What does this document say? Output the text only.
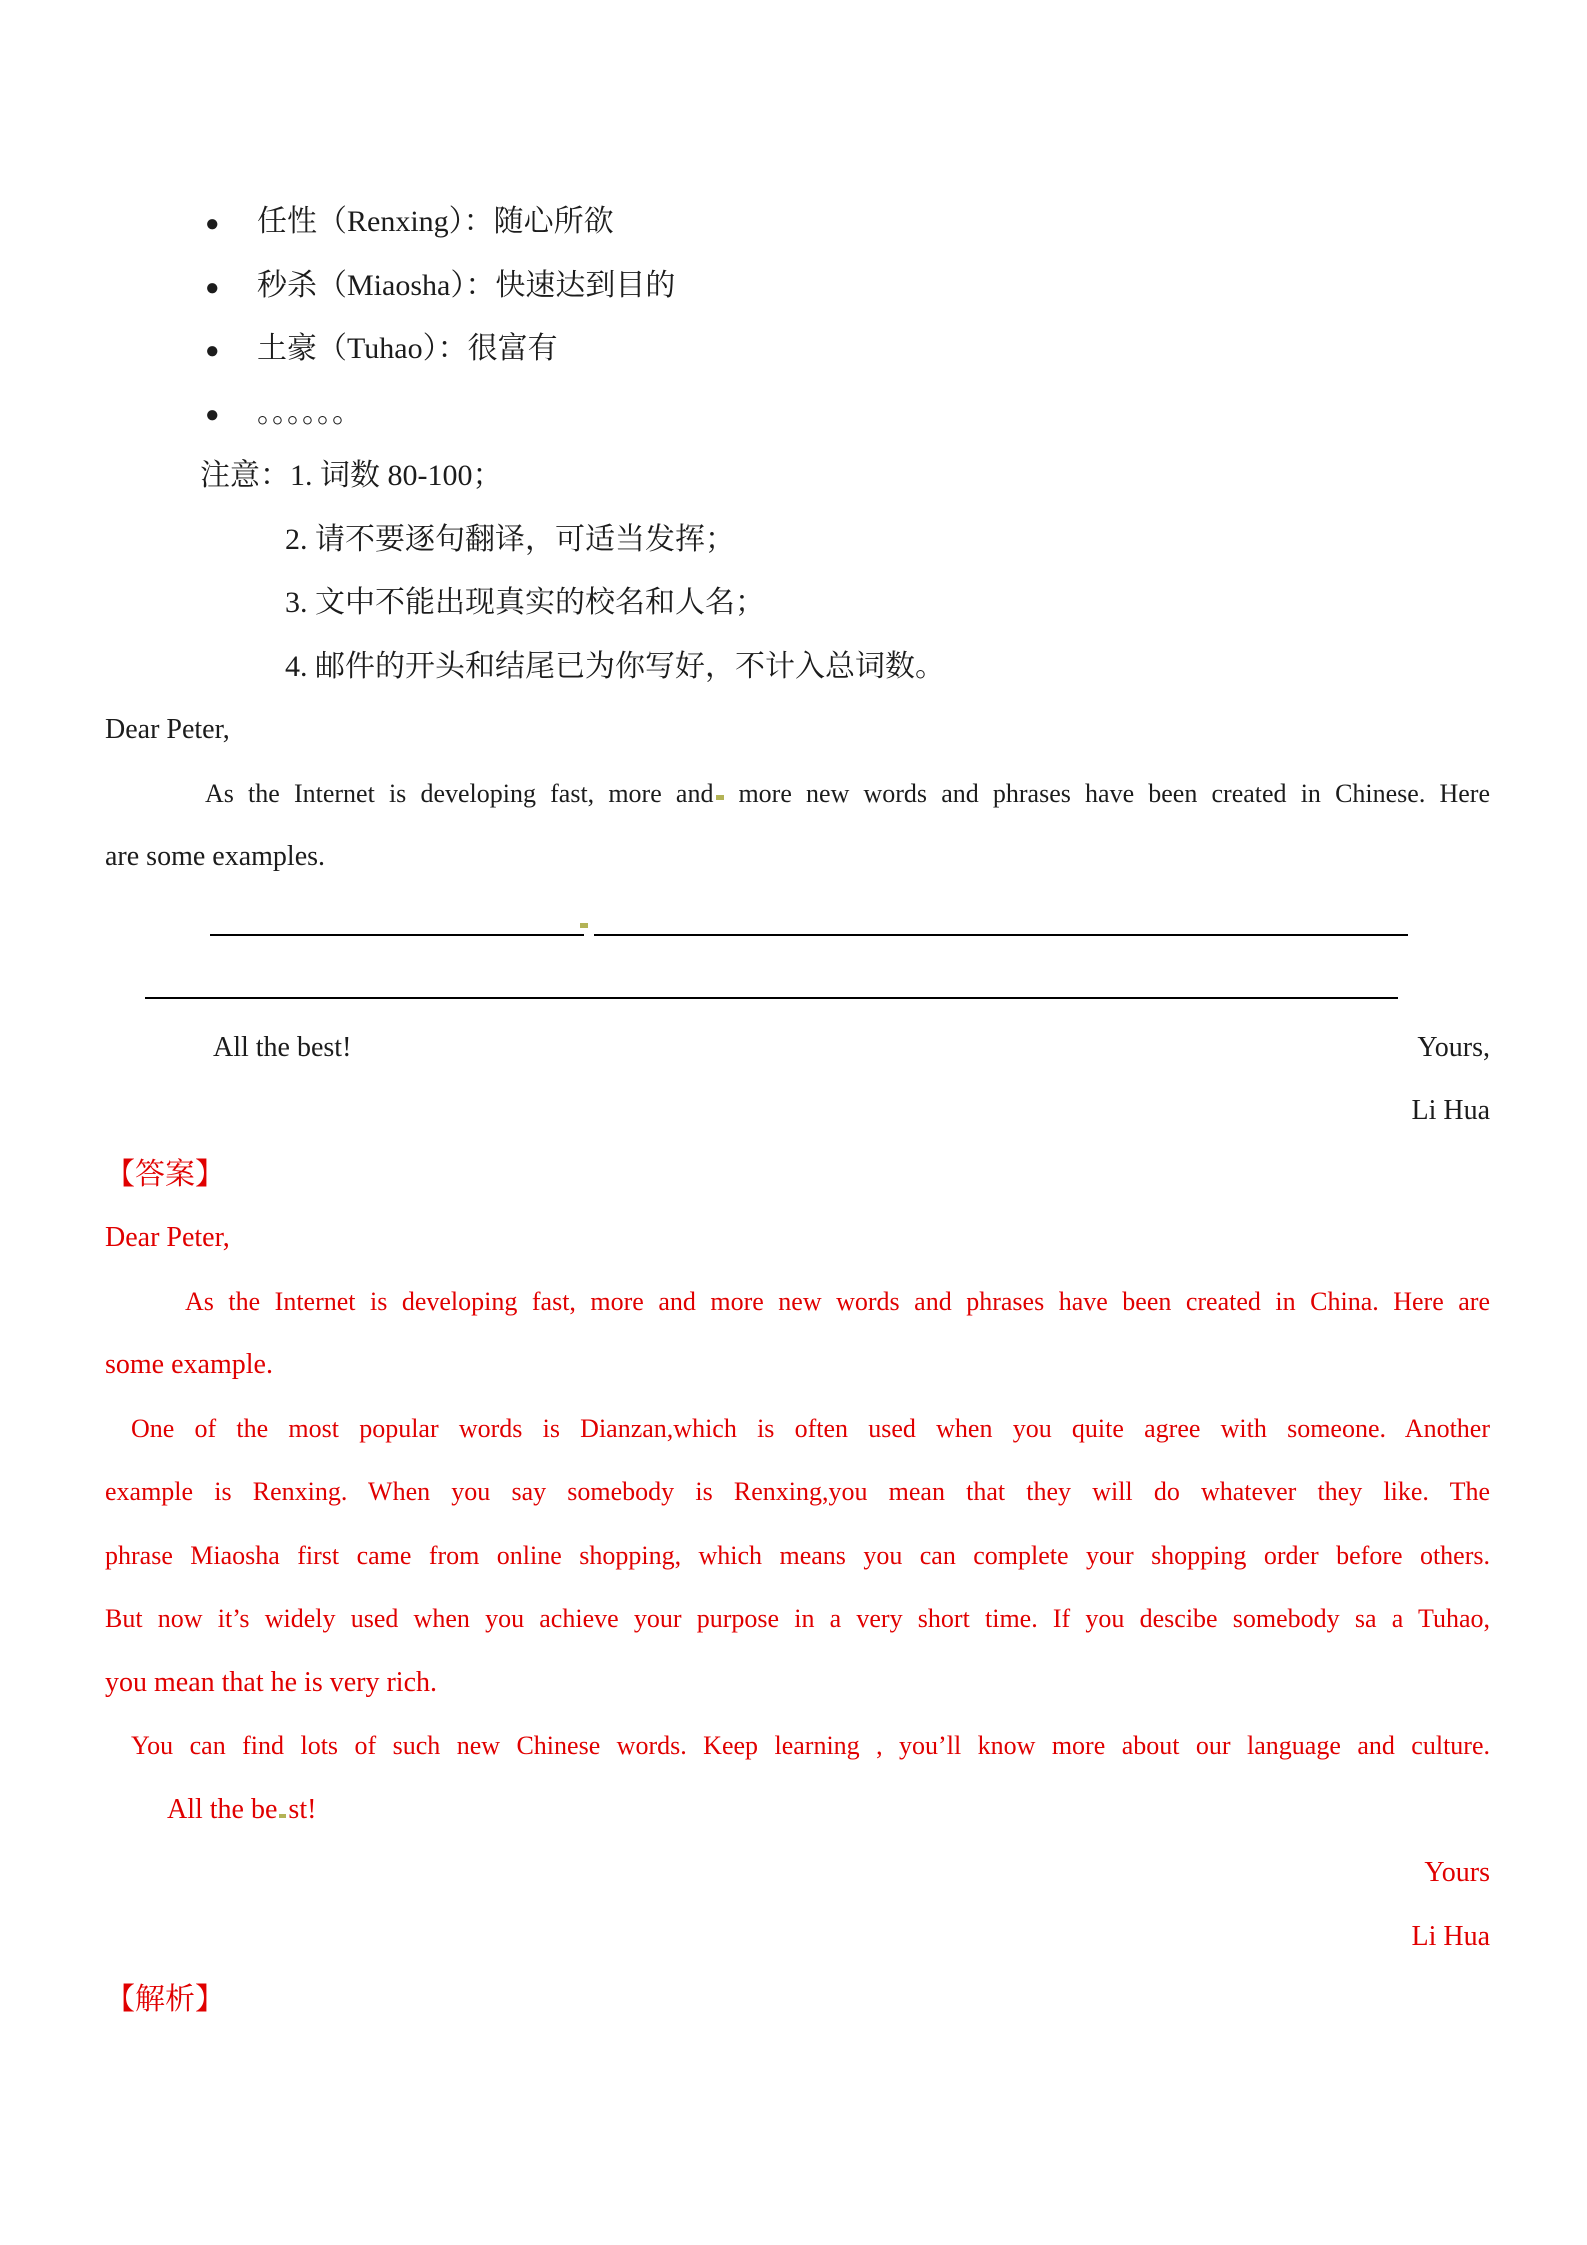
● 任性（Renxing）：随心所欲
● 秒杀（Miaosha）：快速达到目的
● 土豪（Tuhao）：很富有
● 。。。。。。
注意：1. 词数 80-100；
2. 请不要逐句翻译，可适当发挥；
3. 文中不能出现真实的校名和人名；
4. 邮件的开头和结尾已为你写好，不计入总词数。
Dear Peter,
As the Internet is developing fast, more and more new words and phrases have been created in Chinese. Here
are some examples.
All the best!	Yours,
Li Hua
【答案】
Dear Peter,
As the Internet is developing fast, more and more new words and phrases have been created in China. Here are
some example.
One of the most popular words is Dianzan,which is often used when you quite agree with someone. Another
example is Renxing. When you say somebody is Renxing,you mean that they will do whatever they like. The
phrase Miaosha first came from online shopping, which means you can complete your shopping order before others.
But now it’s widely used when you achieve your purpose in a very short time. If you descibe somebody sa a Tuhao,
you mean that he is very rich.
You can find lots of such new Chinese words. Keep learning , you’ll know more about our language and culture.
All the be st!
Yours
Li Hua
【解析】
